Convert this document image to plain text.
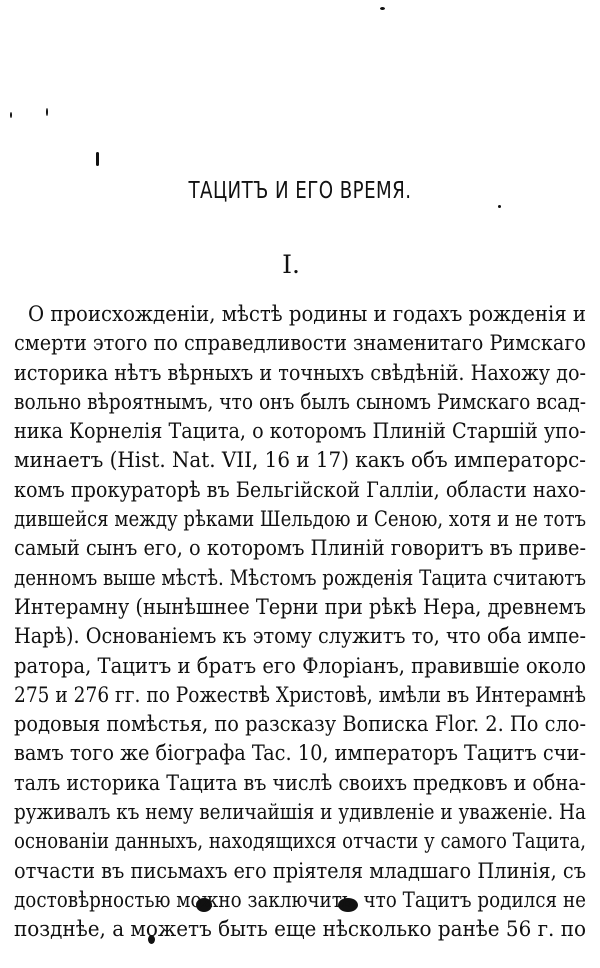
ТАЦИТЪ И ЕГО ВРЕМЯ.
I.
О происхожденіи, мѣстѣ родины и годахъ рожденія и
смерти этого по справедливости знаменитаго Римскаго
историка нѣтъ вѣрныхъ и точныхъ свѣдѣній. Нахожу до-
вольно вѣроятнымъ, что онъ былъ сыномъ Римскаго всад-
ника Корнелія Тацита, о которомъ Плиній Старшій упо-
минаетъ (Hist. Nat. VII, 16 и 17) какъ объ императорс-
комъ прокураторѣ въ Бельгійской Галліи, области нахо-
дившейся между рѣками Шельдою и Сеною, хотя и не тотъ
самый сынъ его, о которомъ Плиній говоритъ въ приве-
денномъ выше мѣстѣ. Мѣстомъ рожденія Тацита считаютъ
Интерамну (нынѣшнее Терни при рѣкѣ Нера, древнемъ
Нарѣ). Основаніемъ къ этому служитъ то, что оба импе-
ратора, Тацитъ и братъ его Флоріанъ, правившіе около
275 и 276 гг. по Рожествѣ Христовѣ, имѣли въ Интерамнѣ
родовыя помѣстья, по разсказу Вописка Flor. 2. По сло-
вамъ того же біографа Tac. 10, императоръ Тацитъ счи-
талъ историка Тацита въ числѣ своихъ предковъ и обна-
руживалъ къ нему величайшія и удивленіе и уваженіе. На
основаніи данныхъ, находящихся отчасти у самого Тацита,
отчасти въ письмахъ его пріятеля младшаго Плинія, съ
достовѣрностью можно заключить, что Тацитъ родился не
позднѣе, а можетъ быть еще нѣсколько ранѣе 56 г. по
